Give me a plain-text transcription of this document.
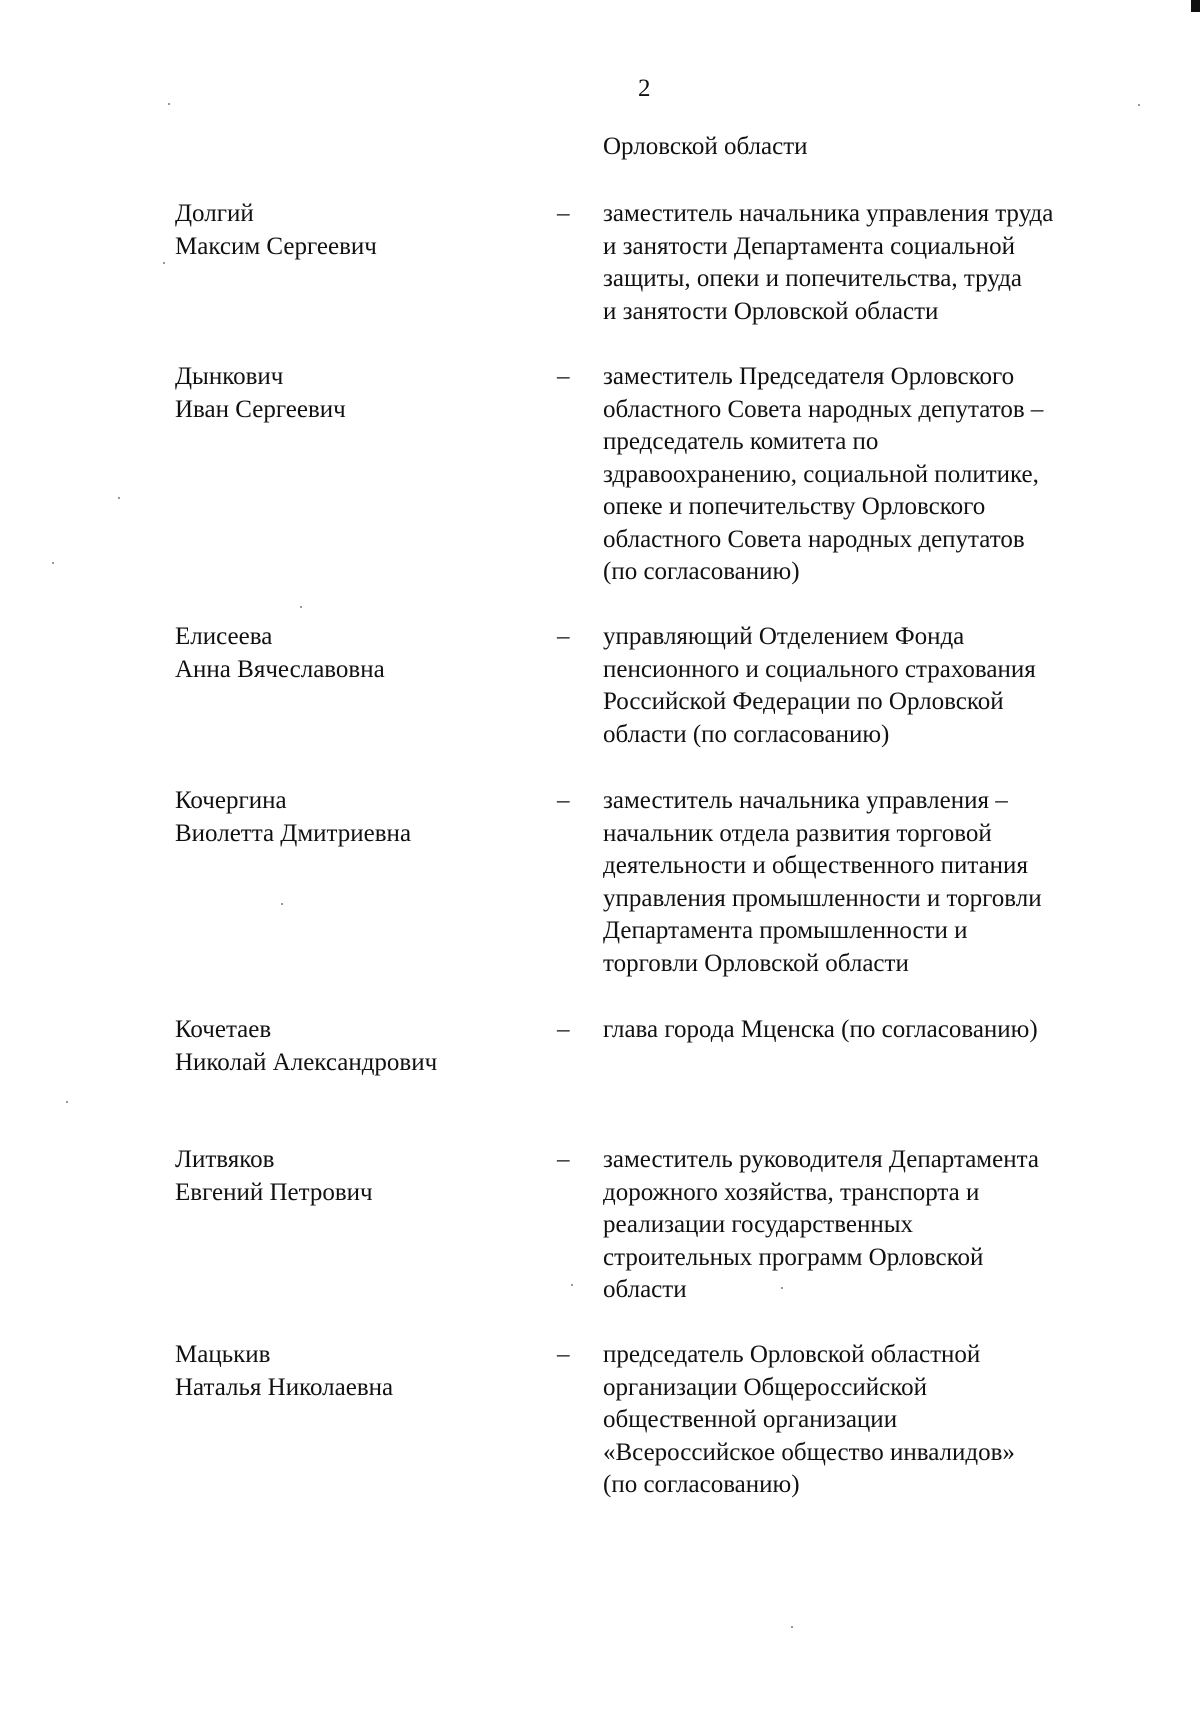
2
Орловской области
Долгий
Максим Сергеевич
– заместитель начальника управления труда
и занятости Департамента социальной
защиты, опеки и попечительства, труда
и занятости Орловской области
Дынкович
Иван Сергеевич
– заместитель Председателя Орловского
областного Совета народных депутатов –
председатель комитета по
здравоохранению, социальной политике,
опеке и попечительству Орловского
областного Совета народных депутатов
(по согласованию)
Елисеева
Анна Вячеславовна
– управляющий Отделением Фонда
пенсионного и социального страхования
Российской Федерации по Орловской
области (по согласованию)
Кочергина
Виолетта Дмитриевна
– заместитель начальника управления –
начальник отдела развития торговой
деятельности и общественного питания
управления промышленности и торговли
Департамента промышленности и
торговли Орловской области
Кочетаев
Николай Александрович
– глава города Мценска (по согласованию)
Литвяков
Евгений Петрович
– заместитель руководителя Департамента
дорожного хозяйства, транспорта и
реализации государственных
строительных программ Орловской
области
Мацькив
Наталья Николаевна
– председатель Орловской областной
организации Общероссийской
общественной организации
«Всероссийское общество инвалидов»
(по согласованию)
